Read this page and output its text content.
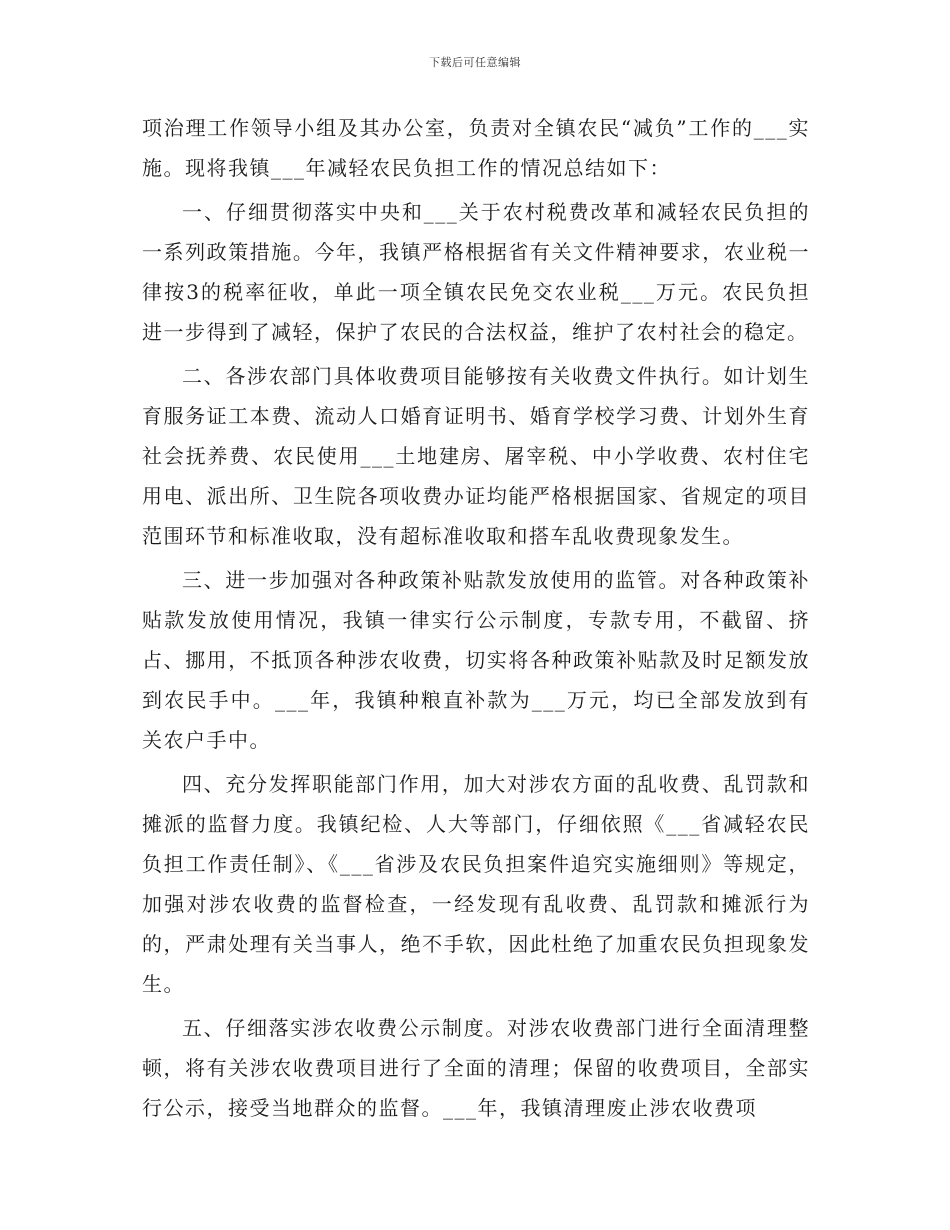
下载后可任意编辑

项治理工作领导小组及其办公室，负责对全镇农民“减负”工作的___实施。现将我镇___年减轻农民负担工作的情况总结如下：

一、仔细贯彻落实中央和___关于农村税费改革和减轻农民负担的一系列政策措施。今年，我镇严格根据省有关文件精神要求，农业税一律按3的税率征收，单此一项全镇农民免交农业税___万元。农民负担进一步得到了减轻，保护了农民的合法权益，维护了农村社会的稳定。

二、各涉农部门具体收费项目能够按有关收费文件执行。如计划生育服务证工本费、流动人口婚育证明书、婚育学校学习费、计划外生育社会抚养费、农民使用___土地建房、屠宰税、中小学收费、农村住宅用电、派出所、卫生院各项收费办证均能严格根据国家、省规定的项目范围环节和标准收取，没有超标准收取和搭车乱收费现象发生。

三、进一步加强对各种政策补贴款发放使用的监管。对各种政策补贴款发放使用情况，我镇一律实行公示制度，专款专用，不截留、挤占、挪用，不抵顶各种涉农收费，切实将各种政策补贴款及时足额发放到农民手中。___年，我镇种粮直补款为___万元，均已全部发放到有关农户手中。

四、充分发挥职能部门作用，加大对涉农方面的乱收费、乱罚款和摊派的监督力度。我镇纪检、人大等部门，仔细依照《___省减轻农民负担工作责任制》、《___省涉及农民负担案件追究实施细则》等规定，加强对涉农收费的监督检查，一经发现有乱收费、乱罚款和摊派行为的，严肃处理有关当事人，绝不手软，因此杜绝了加重农民负担现象发生。

五、仔细落实涉农收费公示制度。对涉农收费部门进行全面清理整顿，将有关涉农收费项目进行了全面的清理；保留的收费项目，全部实行公示，接受当地群众的监督。___年，我镇清理废止涉农收费项
